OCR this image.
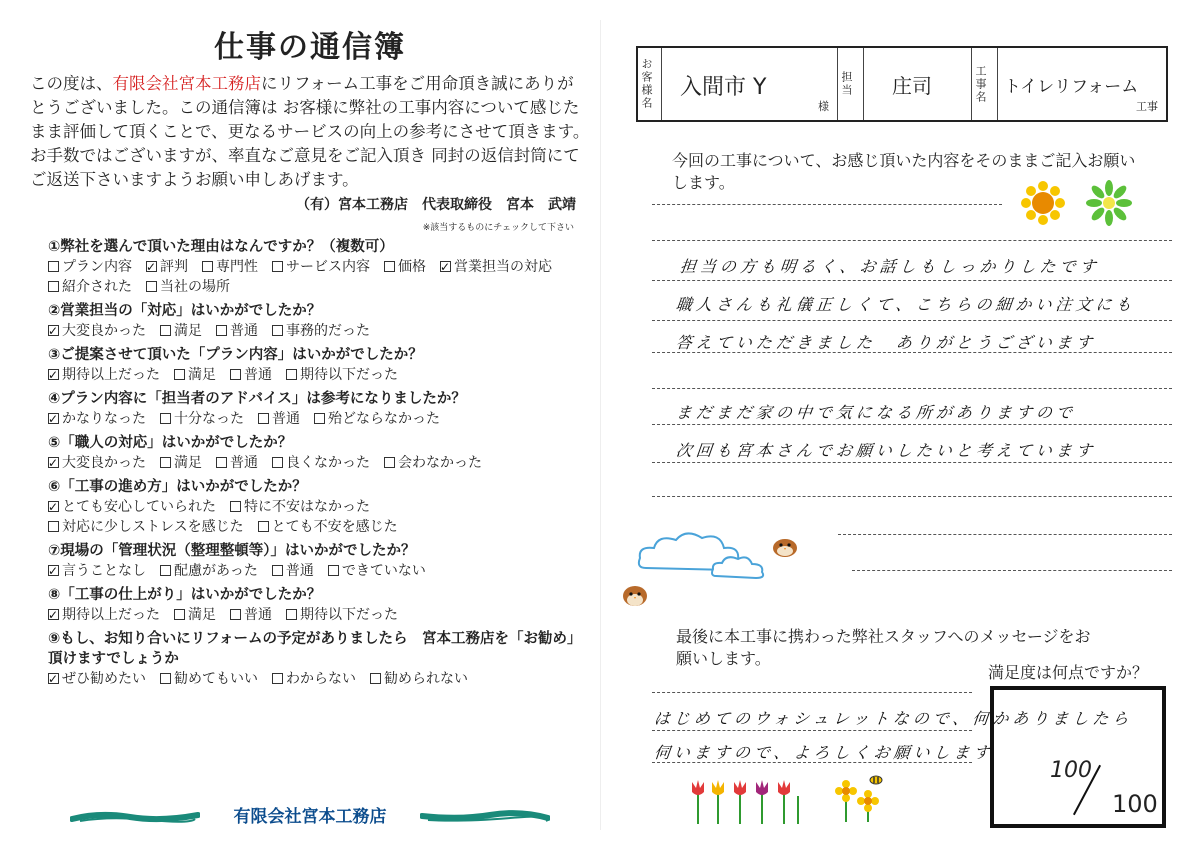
仕事の通信簿
この度は、有限会社宮本工務店にリフォーム工事をご用命頂き誠にありがとうございました。この通信簿は お客様に弊社の工事内容について感じたまま評価して頂くことで、更なるサービスの向上の参考にさせて頂きます。お手数ではございますが、率直なご意見をご記入頂き 同封の返信封筒にてご返送下さいますようお願い申しあげます。
（有）宮本工務店　代表取締役　宮本　武靖
※該当するものにチェックして下さい
①弊社を選んで頂いた理由はなんですか？（複数可）
プラン内容 ✓ 評判 専門性 サービス内容 価格 ✓ 営業担当の対応紹介された 当社の場所
②営業担当の「対応」はいかがでしたか？
✓大変良かった 満足 普通 事務的だった
③ご提案させて頂いた「プラン内容」はいかがでしたか？
✓期待以上だった 満足 普通 期待以下だった
④プラン内容に「担当者のアドバイス」は参考になりましたか？
✓かなりなった 十分なった 普通 殆どならなかった
⑤「職人の対応」はいかがでしたか？
✓大変良かった 満足 普通 良くなかった 会わなかった
⑥「工事の進め方」はいかがでしたか？
✓とても安心していられた 特に不安はなかった対応に少しストレスを感じた とても不安を感じた
⑦現場の「管理状況（整理整頓等）」はいかがでしたか？
✓言うことなし 配慮があった 普通 できていない
⑧「工事の仕上がり」はいかがでしたか？
✓期待以上だった 満足 普通 期待以下だった
⑨もし、お知り合いにリフォームの予定がありましたら　宮本工務店を「お勧め」頂けますでしょうか
✓ぜひ勧めたい 勧めてもいい わからない 勧められない
有限会社宮本工務店
お客様名 入間市 Y
様
担当 庄司	工事名 トイレリフォーム
工事
今回の工事について、お感じ頂いた内容をそのままご記入お願いします。
担当の方も明るく、お話しもしっかりしたです
職人さんも礼儀正しくて、こちらの細かい注文にも
答えていただきました　ありがとうございます
まだまだ家の中で気になる所がありますので
次回も宮本さんでお願いしたいと考えています
最後に本工事に携わった弊社スタッフへのメッセージをお願いします。
はじめてのウォシュレットなので、何かありましたら
伺いますので、よろしくお願いします
満足度は何点ですか？
100
100
